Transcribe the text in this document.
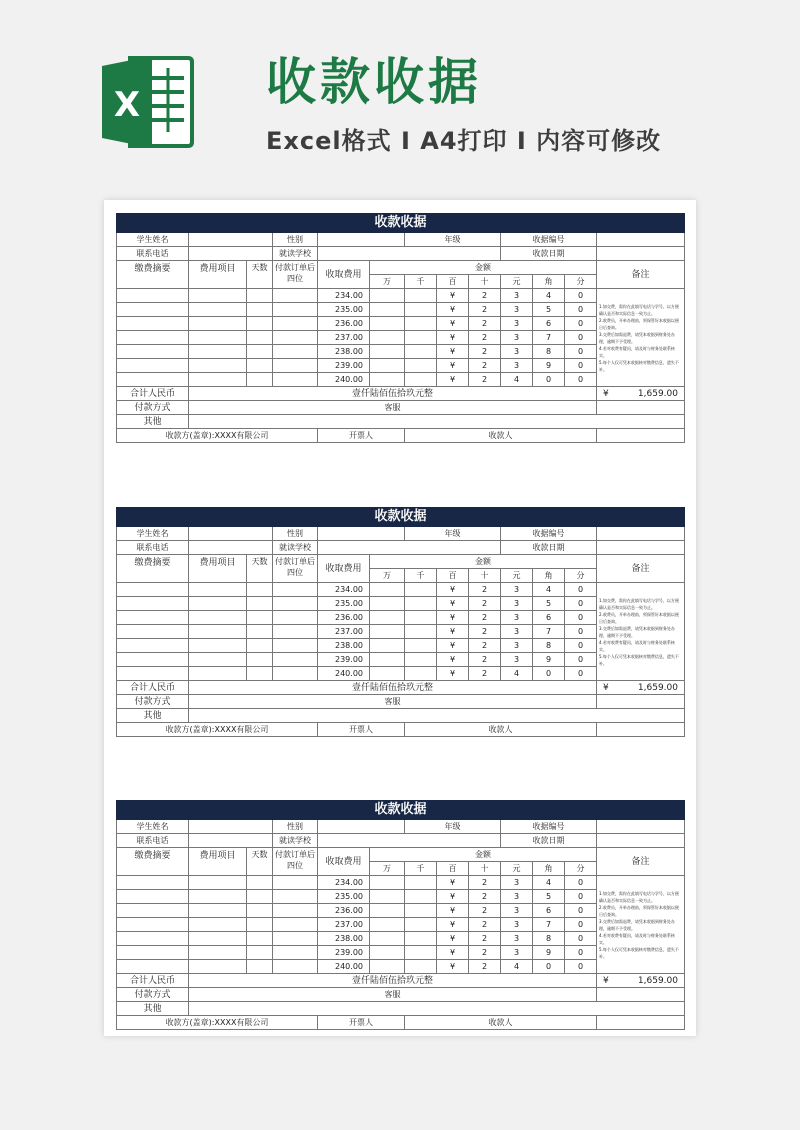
X	收款收据
Excel格式 I A4打印 I 内容可修改
收款收据												
学生姓名			性别			年级			收据编号			
联系电话			就读学校						收款日期			
缴费摘要	费用项目	天数	付款订单后四位	收取费用	金额							备注
					万	千	百	十	元	角	分	
				234.00			¥	2	3	4	0	1.如交费，需你在此填写电话与学号，以方便确认是否和实际信息一致为止。
2.收费员，开单办理前，须保管好本收据以便日后查询。
3.交费后如需退费，请凭本收据到财务处办理，逾期不予受理。
4.若对收费有疑问，请及时与财务处联系核实。
5.每个人仅可凭本收据核对缴费信息，遗失不补。

				235.00			¥	2	3	5	0	
				236.00			¥	2	3	6	0	
				237.00			¥	2	3	7	0	
				238.00			¥	2	3	8	0	
				239.00			¥	2	3	9	0	
				240.00			¥	2	4	0	0	
合计人民币	壹仟陆佰伍拾玖元整											¥ 1,659.00

付款方式	客服											
其他												
收款方(盖章):XXXX有限公司				开票人		收款人						
收款收据												
学生姓名			性别			年级			收据编号			
联系电话			就读学校						收款日期			
缴费摘要	费用项目	天数	付款订单后四位	收取费用	金额							备注
					万	千	百	十	元	角	分	
				234.00			¥	2	3	4	0	1.如交费，需你在此填写电话与学号，以方便确认是否和实际信息一致为止。
2.收费员，开单办理前，须保管好本收据以便日后查询。
3.交费后如需退费，请凭本收据到财务处办理，逾期不予受理。
4.若对收费有疑问，请及时与财务处联系核实。
5.每个人仅可凭本收据核对缴费信息，遗失不补。

				235.00			¥	2	3	5	0	
				236.00			¥	2	3	6	0	
				237.00			¥	2	3	7	0	
				238.00			¥	2	3	8	0	
				239.00			¥	2	3	9	0	
				240.00			¥	2	4	0	0	
合计人民币	壹仟陆佰伍拾玖元整											¥ 1,659.00

付款方式	客服											
其他												
收款方(盖章):XXXX有限公司				开票人		收款人						
收款收据												
学生姓名			性别			年级			收据编号			
联系电话			就读学校						收款日期			
缴费摘要	费用项目	天数	付款订单后四位	收取费用	金额							备注
					万	千	百	十	元	角	分	
				234.00			¥	2	3	4	0	1.如交费，需你在此填写电话与学号，以方便确认是否和实际信息一致为止。
2.收费员，开单办理前，须保管好本收据以便日后查询。
3.交费后如需退费，请凭本收据到财务处办理，逾期不予受理。
4.若对收费有疑问，请及时与财务处联系核实。
5.每个人仅可凭本收据核对缴费信息，遗失不补。

				235.00			¥	2	3	5	0	
				236.00			¥	2	3	6	0	
				237.00			¥	2	3	7	0	
				238.00			¥	2	3	8	0	
				239.00			¥	2	3	9	0	
				240.00			¥	2	4	0	0	
合计人民币	壹仟陆佰伍拾玖元整											¥ 1,659.00

付款方式	客服											
其他												
收款方(盖章):XXXX有限公司				开票人		收款人						
